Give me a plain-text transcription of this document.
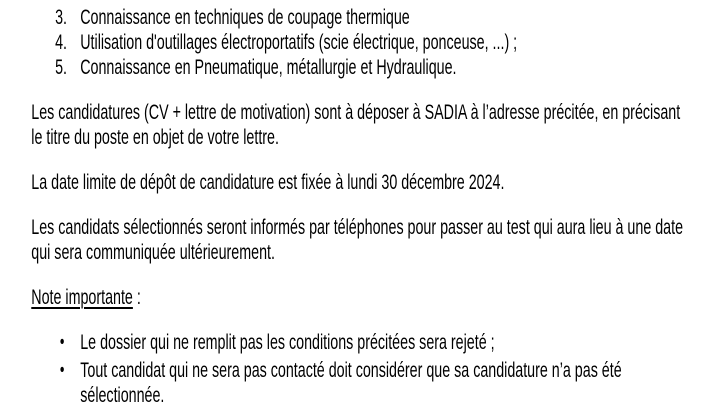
3. Connaissance en techniques de coupage thermique
4. Utilisation d'outillages électroportatifs (scie électrique, ponceuse, ...) ;
5. Connaissance en Pneumatique, métallurgie et Hydraulique.

Les candidatures (CV + lettre de motivation) sont à déposer à SADIA à l’adresse précitée, en précisant le titre du poste en objet de votre lettre.

La date limite de dépôt de candidature est fixée à lundi 30 décembre 2024.

Les candidats sélectionnés seront informés par téléphones pour passer au test qui aura lieu à une date qui sera communiquée ultérieurement.

Note importante :

• Le dossier qui ne remplit pas les conditions précitées sera rejeté ;
• Tout candidat qui ne sera pas contacté doit considérer que sa candidature n’a pas été sélectionnée.
